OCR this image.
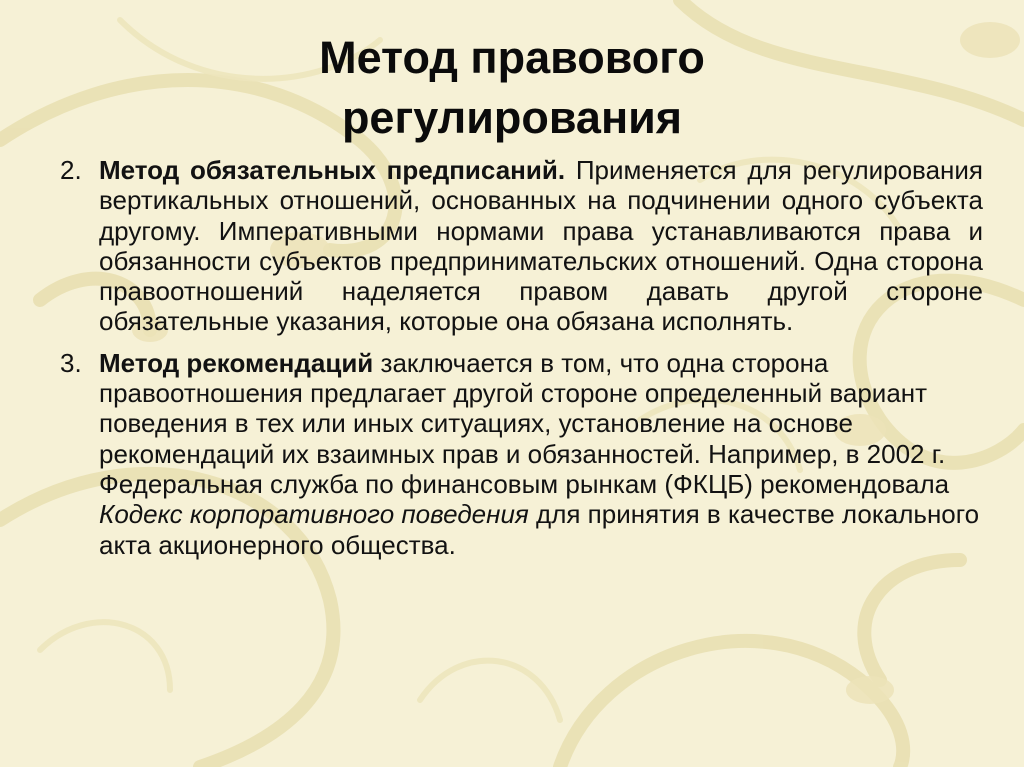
Метод правового
регулирования
2. Метод обязательных предписаний. Применяется для регулирования вертикальных отношений, основанных на подчинении одного субъекта другому. Императивными нормами права устанавливаются права и обязанности субъектов предпринимательских отношений. Одна сторона правоотношений наделяется правом давать другой стороне обязательные указания, которые она обязана исполнять.
3. Метод рекомендаций заключается в том, что одна сторона правоотношения предлагает другой стороне определенный вариант поведения в тех или иных ситуациях, установление на основе рекомендаций их взаимных прав и обязанностей. Например, в 2002 г. Федеральная служба по финансовым рынкам (ФКЦБ) рекомендовала Кодекс корпоративного поведения для принятия в качестве локального акта акционерного общества.
